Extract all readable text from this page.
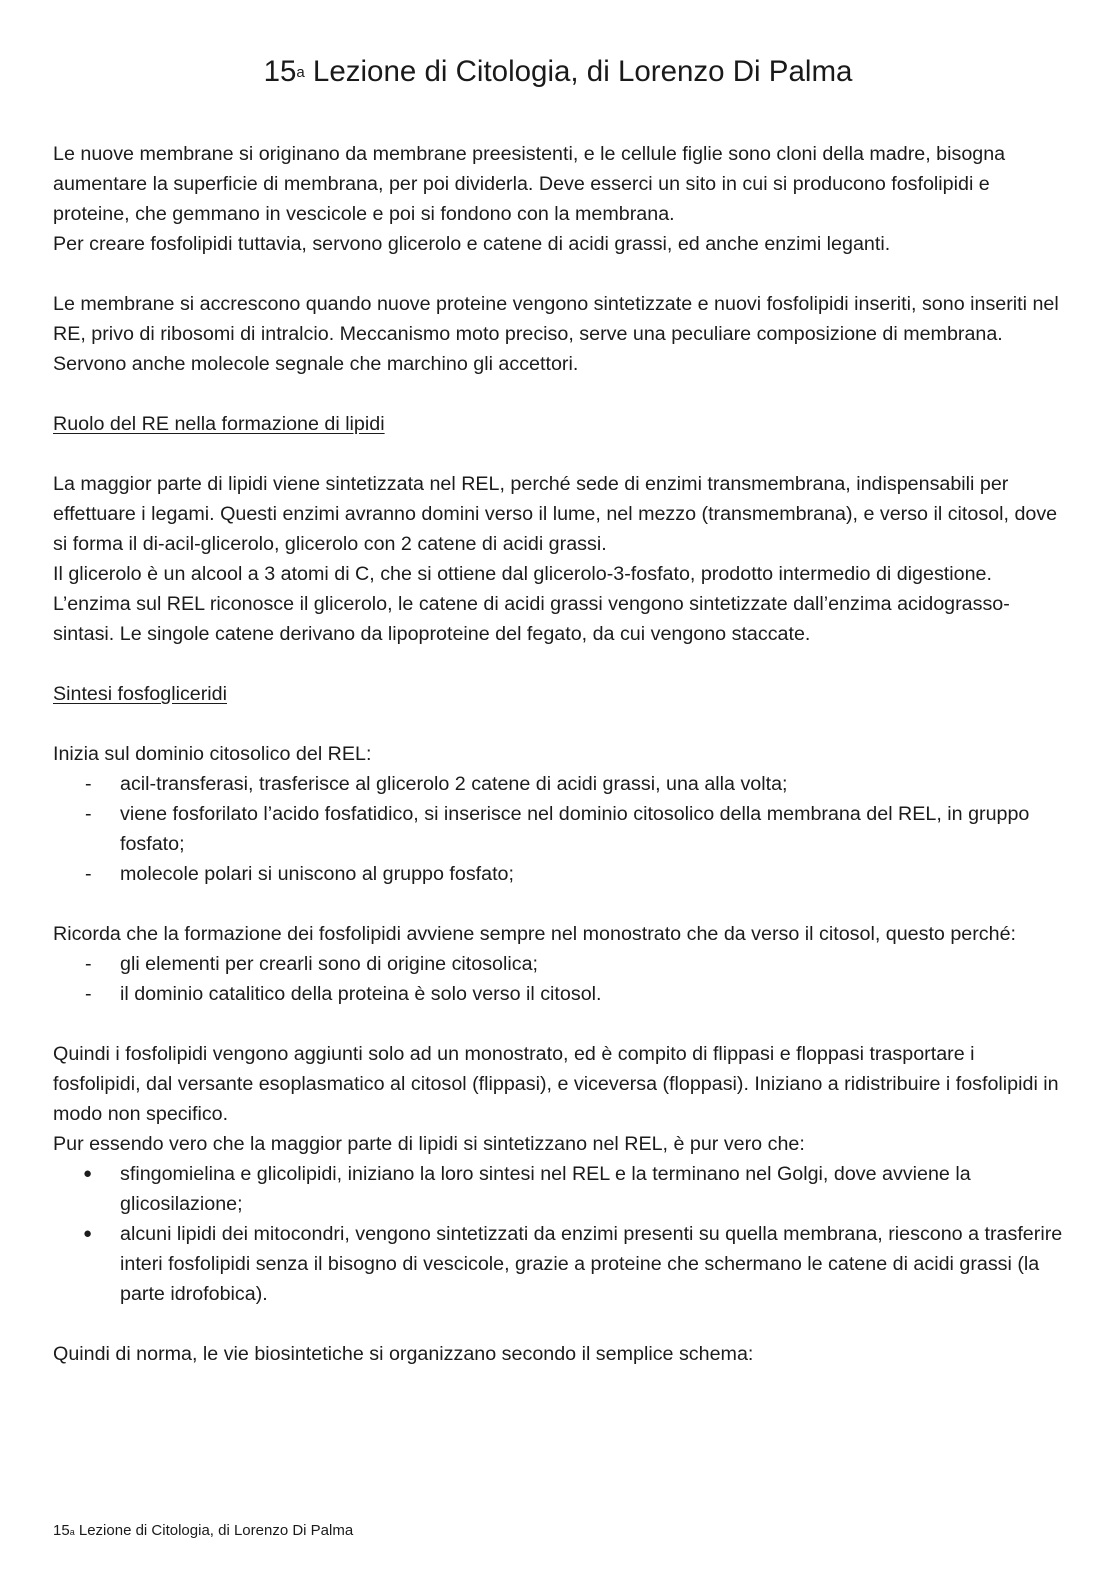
15$^a$ Lezione di Citologia, di Lorenzo Di Palma

Le nuove membrane si originano da membrane preesistenti, e le cellule figlie sono cloni della madre, bisogna aumentare la superficie di membrana, per poi dividerla. Deve esserci un sito in cui si producono fosfolipidi e proteine, che gemmano in vescicole e poi si fondono con la membrana.

Per creare fosfolipidi tuttavia, servono glicerolo e catene di acidi grassi, ed anche enzimi leganti.

Le membrane si accrescono quando nuove proteine vengono sintetizzate e nuovi fosfolipidi inseriti, sono inseriti nel RE, privo di ribosomi di intralcio. Meccanismo moto preciso, serve una peculiare composizione di membrana. Servono anche molecole segnale che marchino gli accettori.

Ruolo del RE nella formazione di lipidi

La maggior parte di lipidi viene sintetizzata nel REL, perché sede di enzimi transmembrana, indispensabili per effettuare i legami. Questi enzimi avranno domini verso il lume, nel mezzo (transmembrana), e verso il citosol, dove si forma il di-acil-glicerolo, glicerolo con 2 catene di acidi grassi.

Il glicerolo è un alcool a 3 atomi di C, che si ottiene dal glicerolo-3-fosfato, prodotto intermedio di digestione. L’enzima sul REL riconosce il glicerolo, le catene di acidi grassi vengono sintetizzate dall’enzima acidograsso-sintasi. Le singole catene derivano da lipoproteine del fegato, da cui vengono staccate.

Sintesi fosfogliceridi

Inizia sul dominio citosolico del REL:

- acil-transferasi, trasferisce al glicerolo 2 catene di acidi grassi, una alla volta;
- viene fosforilato l’acido fosfatidico, si inserisce nel dominio citosolico della membrana del REL, in gruppo fosfato;
- molecole polari si uniscono al gruppo fosfato;

Ricorda che la formazione dei fosfolipidi avviene sempre nel monostrato che da verso il citosol, questo perché:

- gli elementi per crearli sono di origine citosolica;
- il dominio catalitico della proteina è solo verso il citosol.

Quindi i fosfolipidi vengono aggiunti solo ad un monostrato, ed è compito di flippasi e floppasi trasportare i fosfolipidi, dal versante esoplasmatico al citosol (flippasi), e viceversa (floppasi). Iniziano a ridistribuire i fosfolipidi in modo non specifico.

Pur essendo vero che la maggior parte di lipidi si sintetizzano nel REL, è pur vero che:

● sfingomielina e glicolipidi, iniziano la loro sintesi nel REL e la terminano nel Golgi, dove avviene la glicosilazione;
● alcuni lipidi dei mitocondri, vengono sintetizzati da enzimi presenti su quella membrana, riescono a trasferire interi fosfolipidi senza il bisogno di vescicole, grazie a proteine che schermano le catene di acidi grassi (la parte idrofobica).

Quindi di norma, le vie biosintetiche si organizzano secondo il semplice schema:

15$^a$ Lezione di Citologia, di Lorenzo Di Palma
